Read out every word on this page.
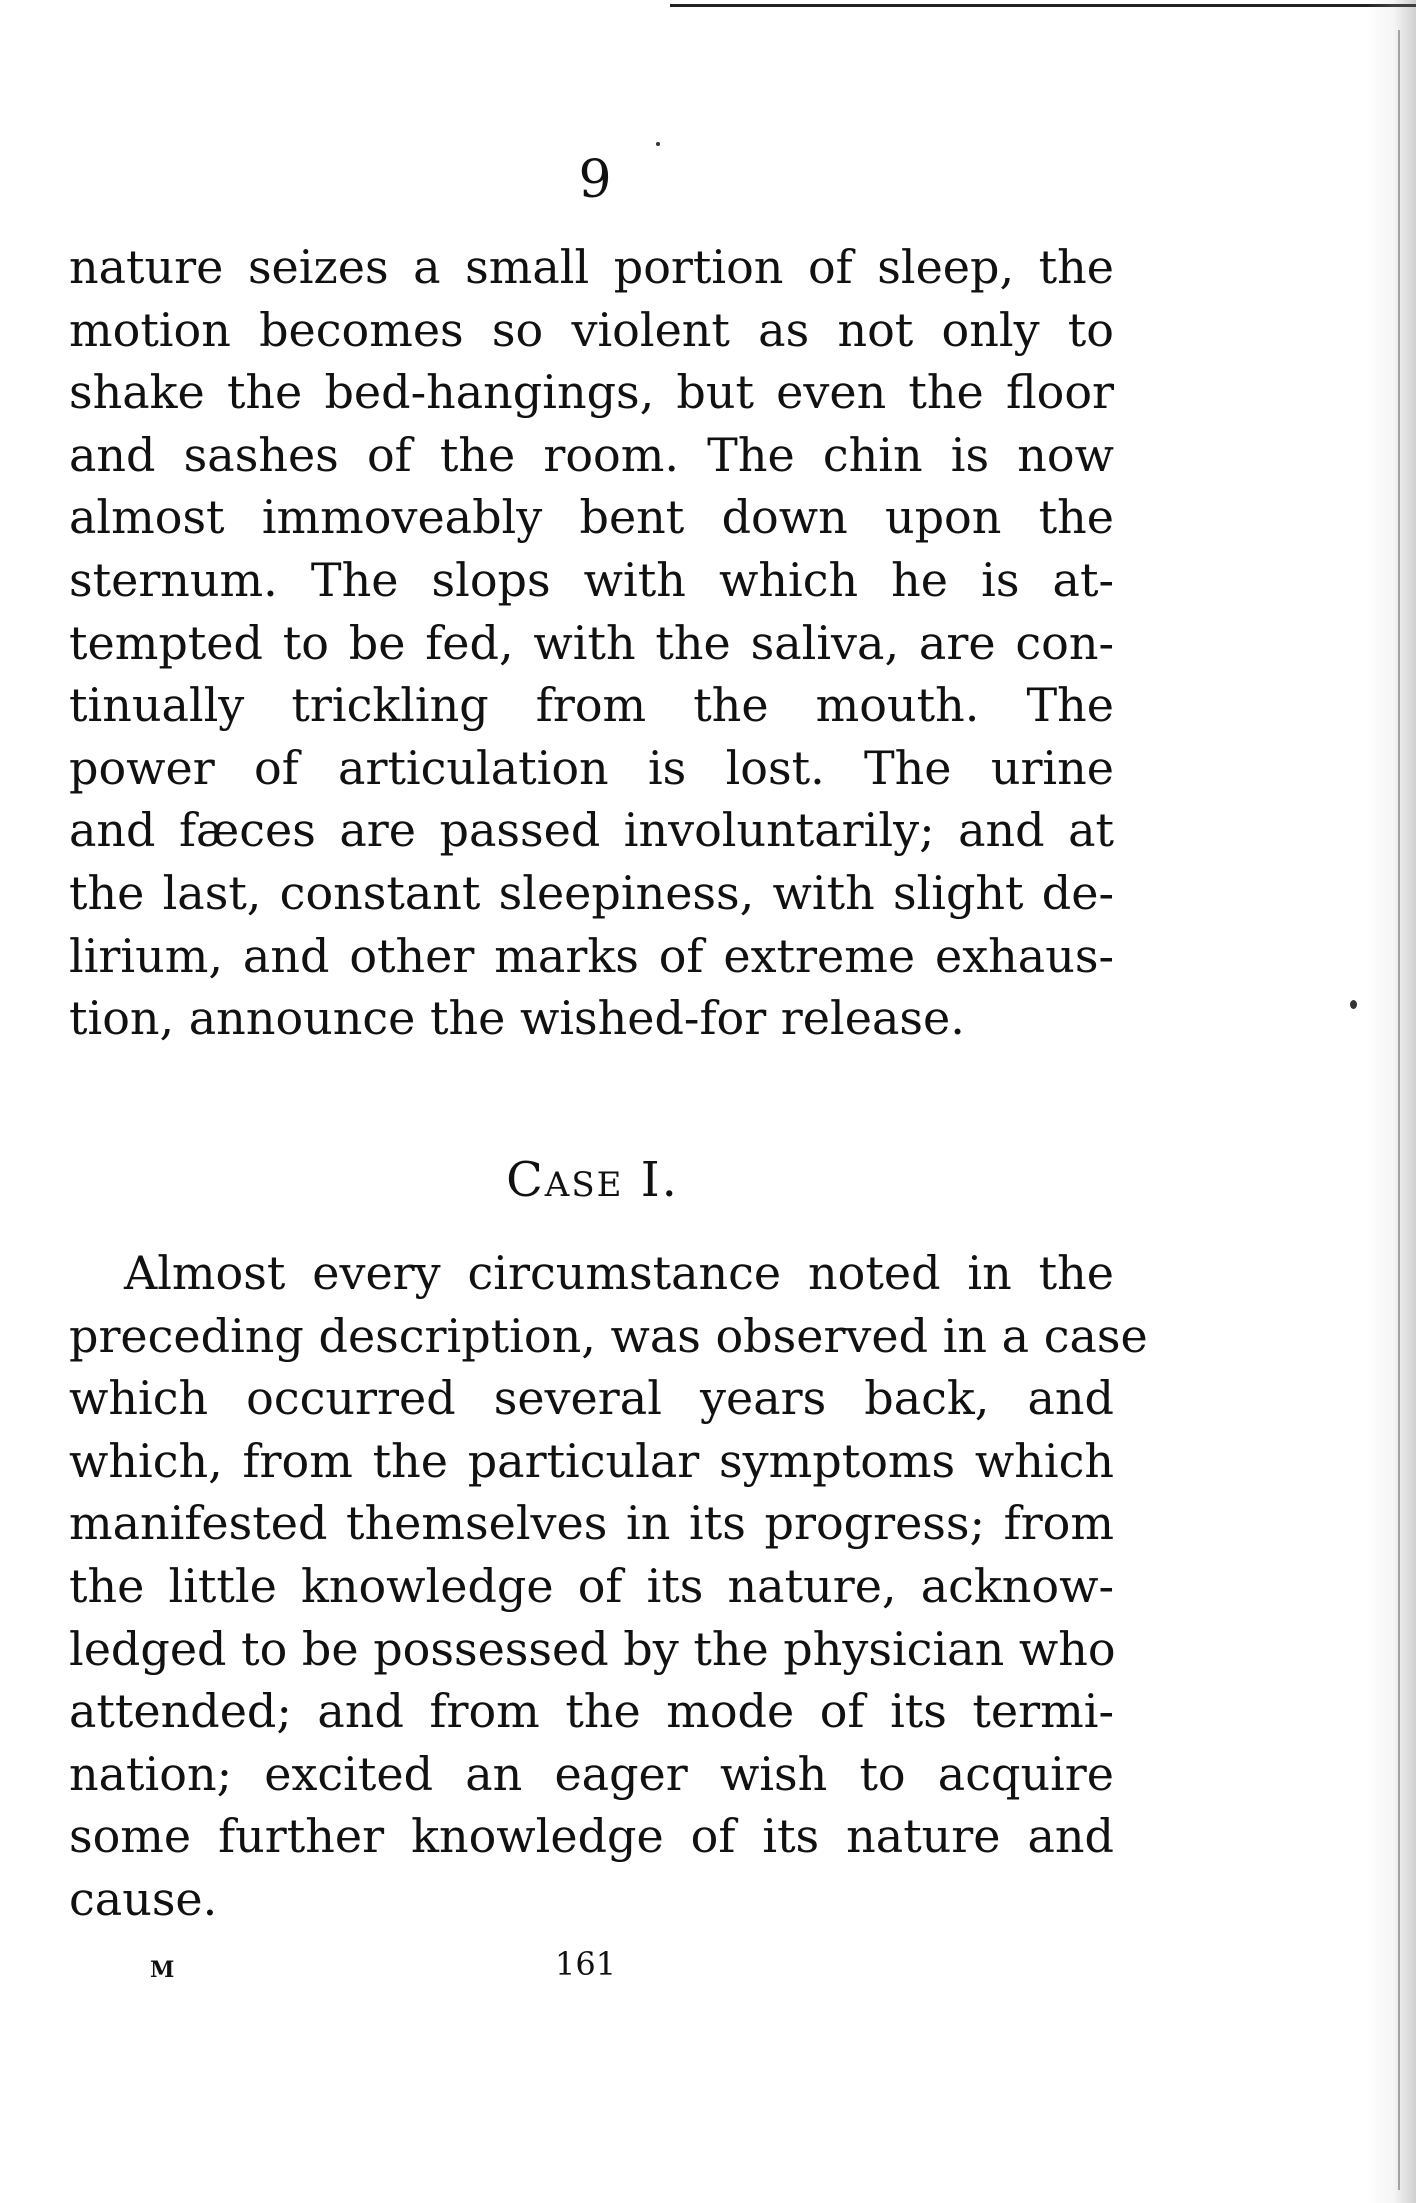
9
nature seizes a small portion of sleep, the
motion becomes so violent as not only to
shake the bed-hangings, but even the floor
and sashes of the room. The chin is now
almost immoveably bent down upon the
sternum. The slops with which he is at-
tempted to be fed, with the saliva, are con-
tinually trickling from the mouth. The
power of articulation is lost. The urine
and fæces are passed involuntarily; and at
the last, constant sleepiness, with slight de-
lirium, and other marks of extreme exhaus-
tion, announce the wished-for release.
Case I.
Almost every circumstance noted in the
preceding description, was observed in a case
which occurred several years back, and
which, from the particular symptoms which
manifested themselves in its progress; from
the little knowledge of its nature, acknow-
ledged to be possessed by the physician who
attended; and from the mode of its termi-
nation; excited an eager wish to acquire
some further knowledge of its nature and
cause.
M	161
